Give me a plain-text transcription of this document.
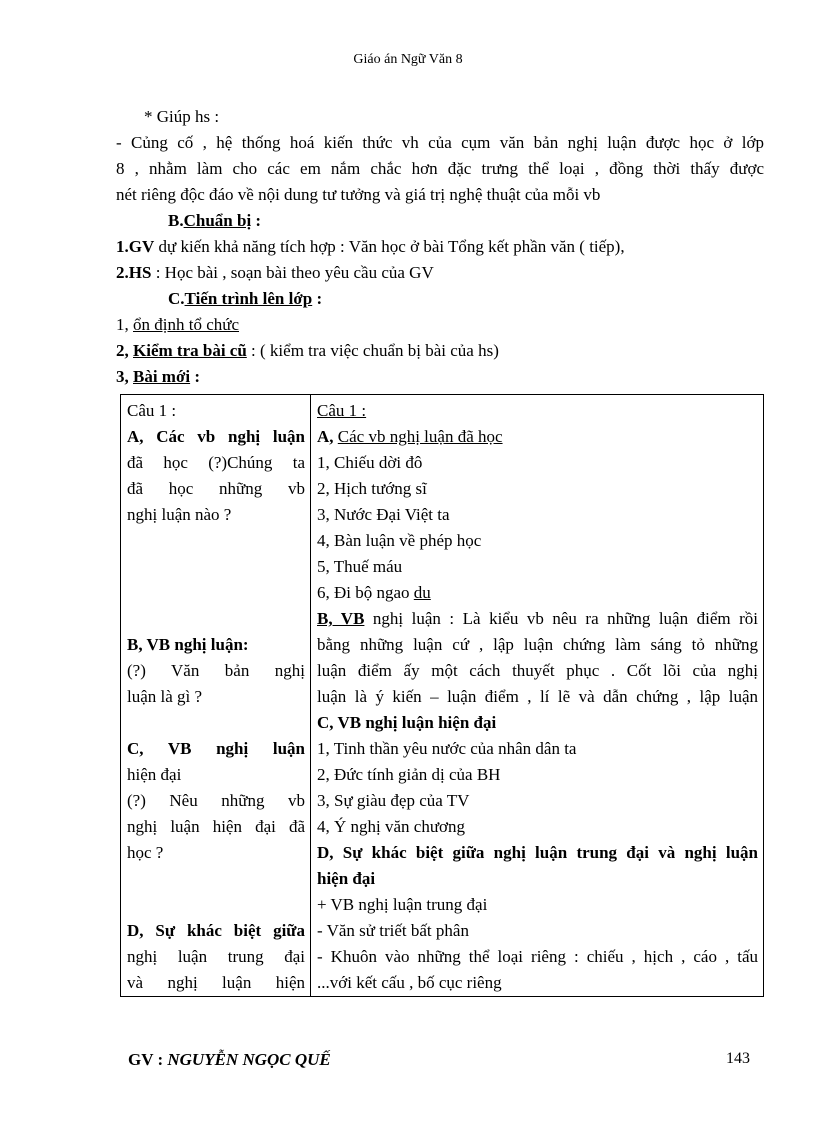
Giáo án Ngữ Văn 8
* Giúp hs :
- Củng cố , hệ thống hoá kiến thức vh của cụm văn bản nghị luận được học ở lớp
8 , nhằm làm cho các em nắm chắc hơn đặc trưng thể loại , đồng thời thấy được
nét riêng độc đáo về nội dung tư tưởng và giá trị nghệ thuật của mỗi vb
B.Chuẩn bị :
1.GV dự kiến khả năng tích hợp : Văn học ở bài Tổng kết phần văn ( tiếp),
2.HS : Học bài , soạn bài theo yêu cầu của GV
C.Tiến trình lên lớp :
1, ổn định tổ chức
2, Kiểm tra bài cũ : ( kiểm tra việc chuẩn bị bài của hs)
3, Bài mới :
Câu 1 :
A, Các vb nghị luận
đã học (?)Chúng ta
đã học những vb
nghị luận nào ?
B, VB nghị luận:
(?) Văn bản nghị
luận là gì ?
C, VB nghị luận
hiện đại
(?) Nêu những vb
nghị luận hiện đại đã
học ?
D, Sự khác biệt giữa
nghị luận trung đại
và nghị luận hiện

Câu 1 :
A, Các vb nghị luận đã học
1, Chiếu dời đô
2, Hịch tướng sĩ
3, Nước Đại Việt ta
4, Bàn luận về phép học
5, Thuế máu
6, Đi bộ ngao du
B, VB nghị luận : Là kiểu vb nêu ra những luận điểm rồi
bằng những luận cứ , lập luận chứng làm sáng tỏ những
luận điểm ấy một cách thuyết phục . Cốt lõi của nghị
luận là ý kiến – luận điểm , lí lẽ và dẫn chứng , lập luận
C, VB nghị luận hiện đại
1, Tinh thần yêu nước của nhân dân ta
2, Đức tính giản dị của BH
3, Sự giàu đẹp của TV
4, Ý nghị văn chương
D, Sự khác biệt giữa nghị luận trung đại và nghị luận
hiện đại
+ VB nghị luận trung đại
- Văn sử triết bất phân
- Khuôn vào những thể loại riêng : chiếu , hịch , cáo , tấu
...với kết cấu , bố cục riêng
GV : NGUYỄN NGỌC QUẾ	143
